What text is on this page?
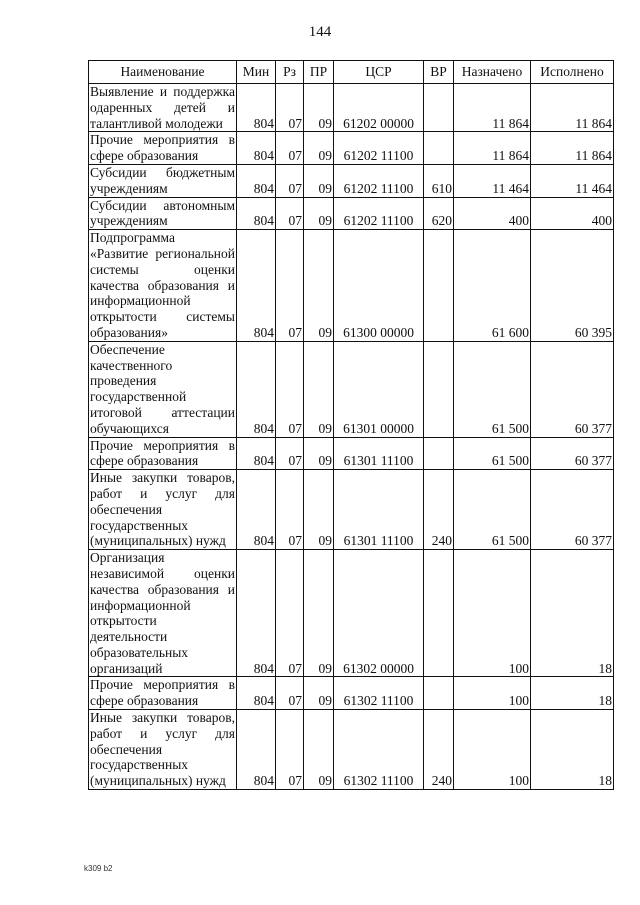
144
Наименование	Мин	Рз	ПР	ЦСР	ВР	Назначено	Исполнено
Выявление и поддержка одаренных детей и талантливой молодежи	804	07	09	61202 00000		11 864	11 864
Прочие мероприятия в сфере образования	804	07	09	61202 11100		11 864	11 864
Субсидии бюджетным учреждениям	804	07	09	61202 11100	610	11 464	11 464
Субсидии автономным учреждениям	804	07	09	61202 11100	620	400	400
Подпрограмма «Развитие региональной системы оценки качества образования и информационной открытости системы образования»	804	07	09	61300 00000		61 600	60 395
Обеспечение качественного проведения государственной итоговой аттестации обучающихся	804	07	09	61301 00000		61 500	60 377
Прочие мероприятия в сфере образования	804	07	09	61301 11100		61 500	60 377
Иные закупки товаров, работ и услуг для обеспечения государственных (муниципальных) нужд	804	07	09	61301 11100	240	61 500	60 377
Организация независимой оценки качества образования и информационной открытости деятельности образовательных организаций	804	07	09	61302 00000		100	18
Прочие мероприятия в сфере образования	804	07	09	61302 11100		100	18
Иные закупки товаров, работ и услуг для обеспечения государственных (муниципальных) нужд	804	07	09	61302 11100	240	100	18
k309 b2
